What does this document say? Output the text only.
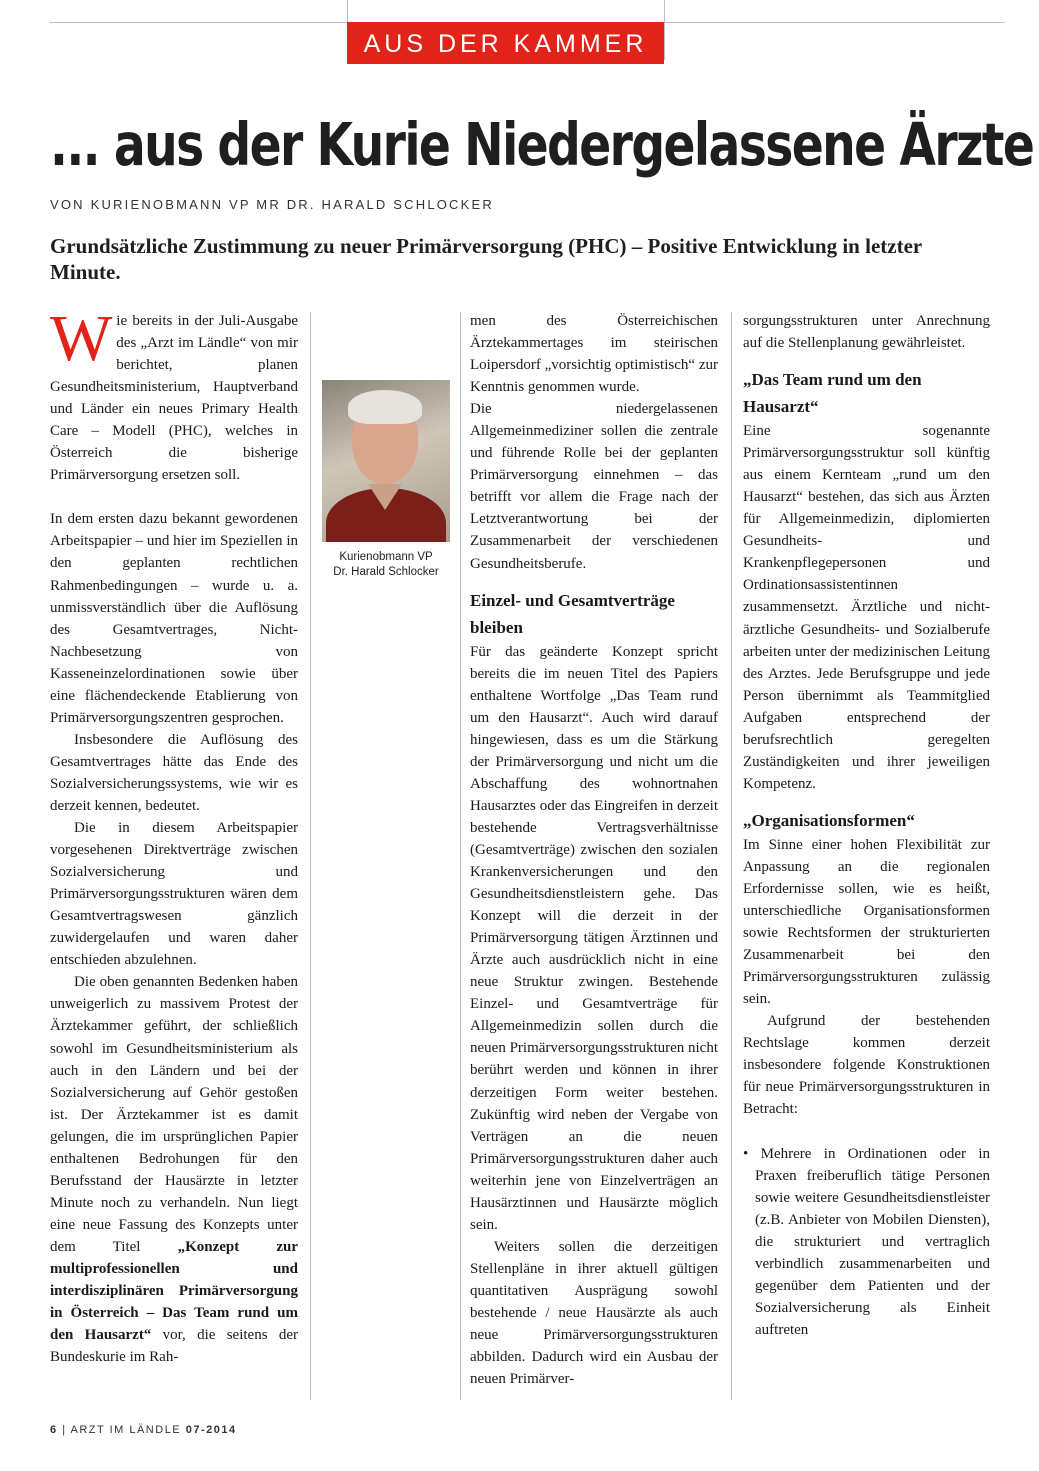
AUS DER KAMMER
... aus der Kurie Niedergelassene Ärzte
VON KURIENOBMANN VP MR DR. HARALD SCHLOCKER

Grundsätzliche Zustimmung zu neuer Primärversorgung (PHC) – Positive Entwicklung in letzter Minute.

Wie bereits in der Juli-Ausgabe des „Arzt im Ländle“ von mir berichtet, planen Gesundheitsministerium, Hauptverband und Länder ein neues Primary Health Care – Modell (PHC), welches in Österreich die bisherige Primärversorgung ersetzen soll.

In dem ersten dazu bekannt gewordenen Arbeitspapier – und hier im Speziellen in den geplanten rechtlichen Rahmenbedingungen – wurde u. a. unmissverständlich über die Auflösung des Gesamtvertrages, Nicht-Nachbesetzung von Kasseneinzelordinationen sowie über eine flächendeckende Etablierung von Primärversorgungszentren gesprochen.

Insbesondere die Auflösung des Gesamtvertrages hätte das Ende des Sozialversicherungssystems, wie wir es derzeit kennen, bedeutet.

Die in diesem Arbeitspapier vorgesehenen Direktverträge zwischen Sozialversicherung und Primärversorgungsstrukturen wären dem Gesamtvertragswesen gänzlich zuwidergelaufen und waren daher entschieden abzulehnen.

Die oben genannten Bedenken haben unweigerlich zu massivem Protest der Ärztekammer geführt, der schließlich sowohl im Gesundheitsministerium als auch in den Ländern und bei der Sozialversicherung auf Gehör gestoßen ist. Der Ärztekammer ist es damit gelungen, die im ursprünglichen Papier enthaltenen Bedrohungen für den Berufsstand der Hausärzte in letzter Minute noch zu verhandeln. Nun liegt eine neue Fassung des Konzepts unter dem Titel „Konzept zur multiprofessionellen und interdisziplinären Primärversorgung in Österreich – Das Team rund um den Hausarzt“ vor, die seitens der Bundeskurie im Rah-

Kurienobmann VP
Dr. Harald Schlocker

men des Österreichischen Ärztekammertages im steirischen Loipersdorf „vorsichtig optimistisch“ zur Kenntnis genommen wurde.

Die niedergelassenen Allgemeinmediziner sollen die zentrale und führende Rolle bei der geplanten Primärversorgung einnehmen – das betrifft vor allem die Frage nach der Letztverantwortung bei der Zusammenarbeit der verschiedenen Gesundheitsberufe.

Einzel- und Gesamtverträge bleiben

Für das geänderte Konzept spricht bereits die im neuen Titel des Papiers enthaltene Wortfolge „Das Team rund um den Hausarzt“. Auch wird darauf hingewiesen, dass es um die Stärkung der Primärversorgung und nicht um die Abschaffung des wohnortnahen Hausarztes oder das Eingreifen in derzeit bestehende Vertragsverhältnisse (Gesamtverträge) zwischen den sozialen Krankenversicherungen und den Gesundheitsdienstleistern gehe. Das Konzept will die derzeit in der Primärversorgung tätigen Ärztinnen und Ärzte auch ausdrücklich nicht in eine neue Struktur zwingen. Bestehende Einzel- und Gesamtverträge für Allgemeinmedizin sollen durch die neuen Primärversorgungsstrukturen nicht berührt werden und können in ihrer derzeitigen Form weiter bestehen. Zukünftig wird neben der Vergabe von Verträgen an die neuen Primärversorgungsstrukturen daher auch weiterhin jene von Einzelverträgen an Hausärztinnen und Hausärzte möglich sein.

Weiters sollen die derzeitigen Stellenpläne in ihrer aktuell gültigen quantitativen Ausprägung sowohl bestehende / neue Hausärzte als auch neue Primärversorgungsstrukturen abbilden. Dadurch wird ein Ausbau der neuen Primärver-

sorgungsstrukturen unter Anrechnung auf die Stellenplanung gewährleistet.

„Das Team rund um den Hausarzt“

Eine sogenannte Primärversorgungsstruktur soll künftig aus einem Kernteam „rund um den Hausarzt“ bestehen, das sich aus Ärzten für Allgemeinmedizin, diplomierten Gesundheits- und Krankenpflegepersonen und Ordinationsassistentinnen zusammensetzt. Ärztliche und nicht-ärztliche Gesundheits- und Sozialberufe arbeiten unter der medizinischen Leitung des Arztes. Jede Berufsgruppe und jede Person übernimmt als Teammitglied Aufgaben entsprechend der berufsrechtlich geregelten Zuständigkeiten und ihrer jeweiligen Kompetenz.

„Organisationsformen“

Im Sinne einer hohen Flexibilität zur Anpassung an die regionalen Erfordernisse sollen, wie es heißt, unterschiedliche Organisationsformen sowie Rechtsformen der strukturierten Zusammenarbeit bei den Primärversorgungsstrukturen zulässig sein.

Aufgrund der bestehenden Rechtslage kommen derzeit insbesondere folgende Konstruktionen für neue Primärversorgungsstrukturen in Betracht:

• Mehrere in Ordinationen oder in Praxen freiberuflich tätige Personen sowie weitere Gesundheitsdienstleister (z.B. Anbieter von Mobilen Diensten), die strukturiert und vertraglich verbindlich zusammenarbeiten und gegenüber dem Patienten und der Sozialversicherung als Einheit auftreten

6 | ARZT IM LÄNDLE 07-2014
